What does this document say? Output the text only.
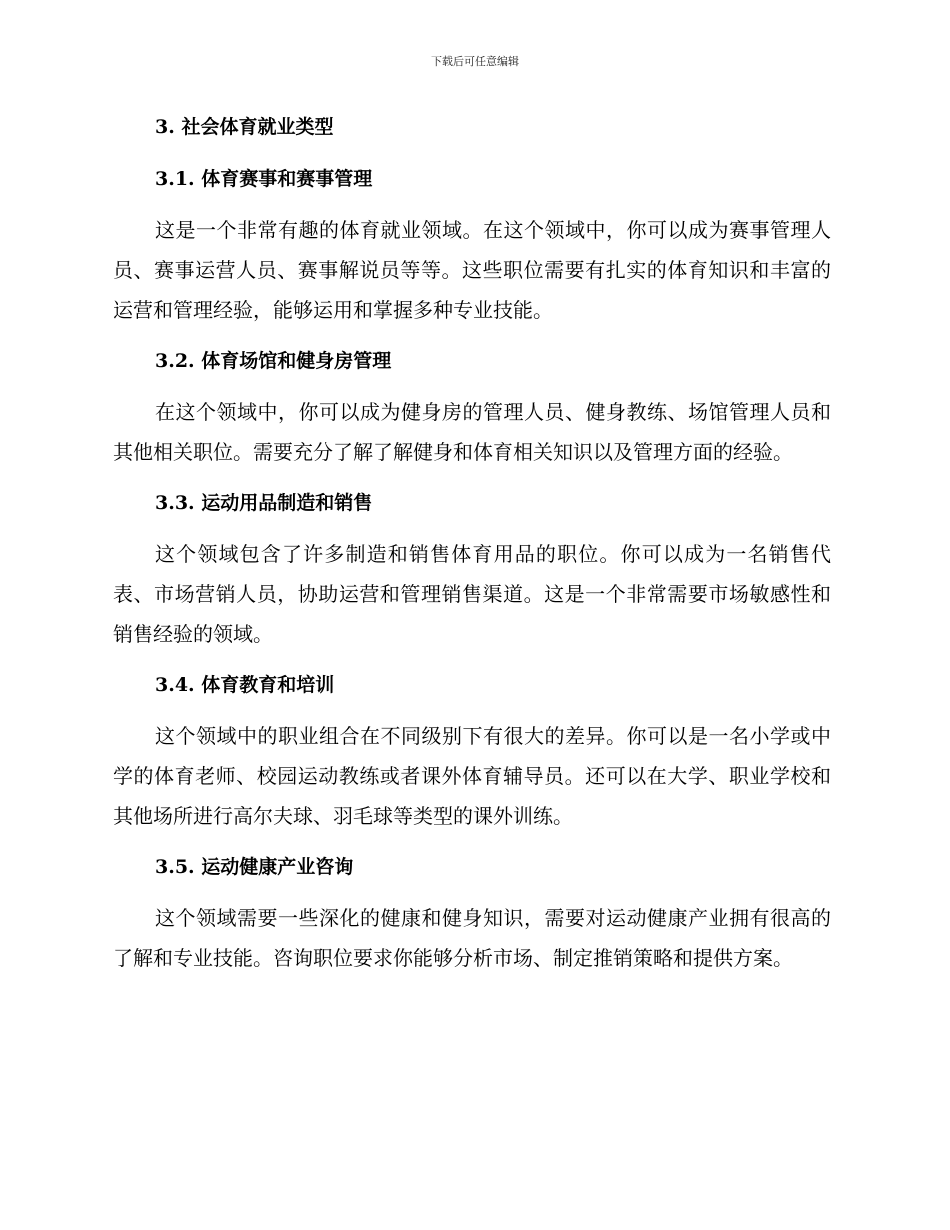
下载后可任意编辑
3. 社会体育就业类型
3.1. 体育赛事和赛事管理

这是一个非常有趣的体育就业领域。在这个领域中，你可以成为赛事管理人员、赛事运营人员、赛事解说员等等。这些职位需要有扎实的体育知识和丰富的运营和管理经验，能够运用和掌握多种专业技能。

3.2. 体育场馆和健身房管理

在这个领域中，你可以成为健身房的管理人员、健身教练、场馆管理人员和其他相关职位。需要充分了解了解健身和体育相关知识以及管理方面的经验。

3.3. 运动用品制造和销售

这个领域包含了许多制造和销售体育用品的职位。你可以成为一名销售代表、市场营销人员，协助运营和管理销售渠道。这是一个非常需要市场敏感性和销售经验的领域。

3.4. 体育教育和培训

这个领域中的职业组合在不同级别下有很大的差异。你可以是一名小学或中学的体育老师、校园运动教练或者课外体育辅导员。还可以在大学、职业学校和其他场所进行高尔夫球、羽毛球等类型的课外训练。

3.5. 运动健康产业咨询

这个领域需要一些深化的健康和健身知识，需要对运动健康产业拥有很高的了解和专业技能。咨询职位要求你能够分析市场、制定推销策略和提供方案。
